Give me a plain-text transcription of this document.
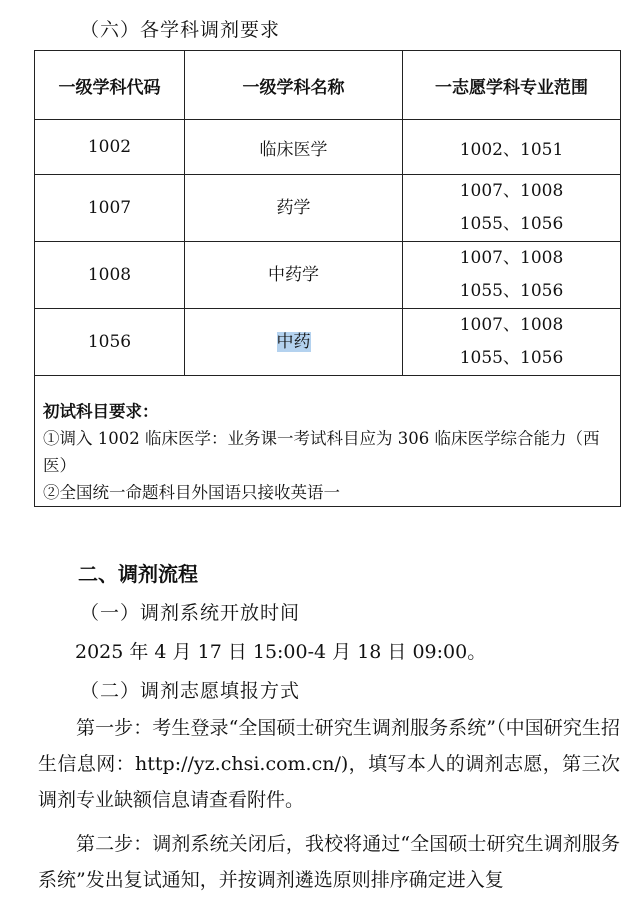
（六）各学科调剂要求
一级学科代码	一级学科名称	一志愿学科专业范围
1002	临床医学	1002、1051
1007	药学	1007、1008
1055、1056

1008	中药学	1007、1008
1055、1056

1056	中药	1007、1008
1055、1056

初试科目要求：
①调入 1002 临床医学：业务课一考试科目应为 306 临床医学综合能力（西医）
②全国统一命题科目外国语只接收英语一		
二、调剂流程
（一）调剂系统开放时间
2025 年 4 月 17 日 15:00-4 月 18 日 09:00。
（二）调剂志愿填报方式
第一步：考生登录“全国硕士研究生调剂服务系统”（中国研究生招生信息网：http://yz.chsi.com.cn/)，填写本人的调剂志愿，第三次调剂专业缺额信息请查看附件。
第二步：调剂系统关闭后，我校将通过“全国硕士研究生调剂服务系统”发出复试通知，并按调剂遴选原则排序确定进入复
